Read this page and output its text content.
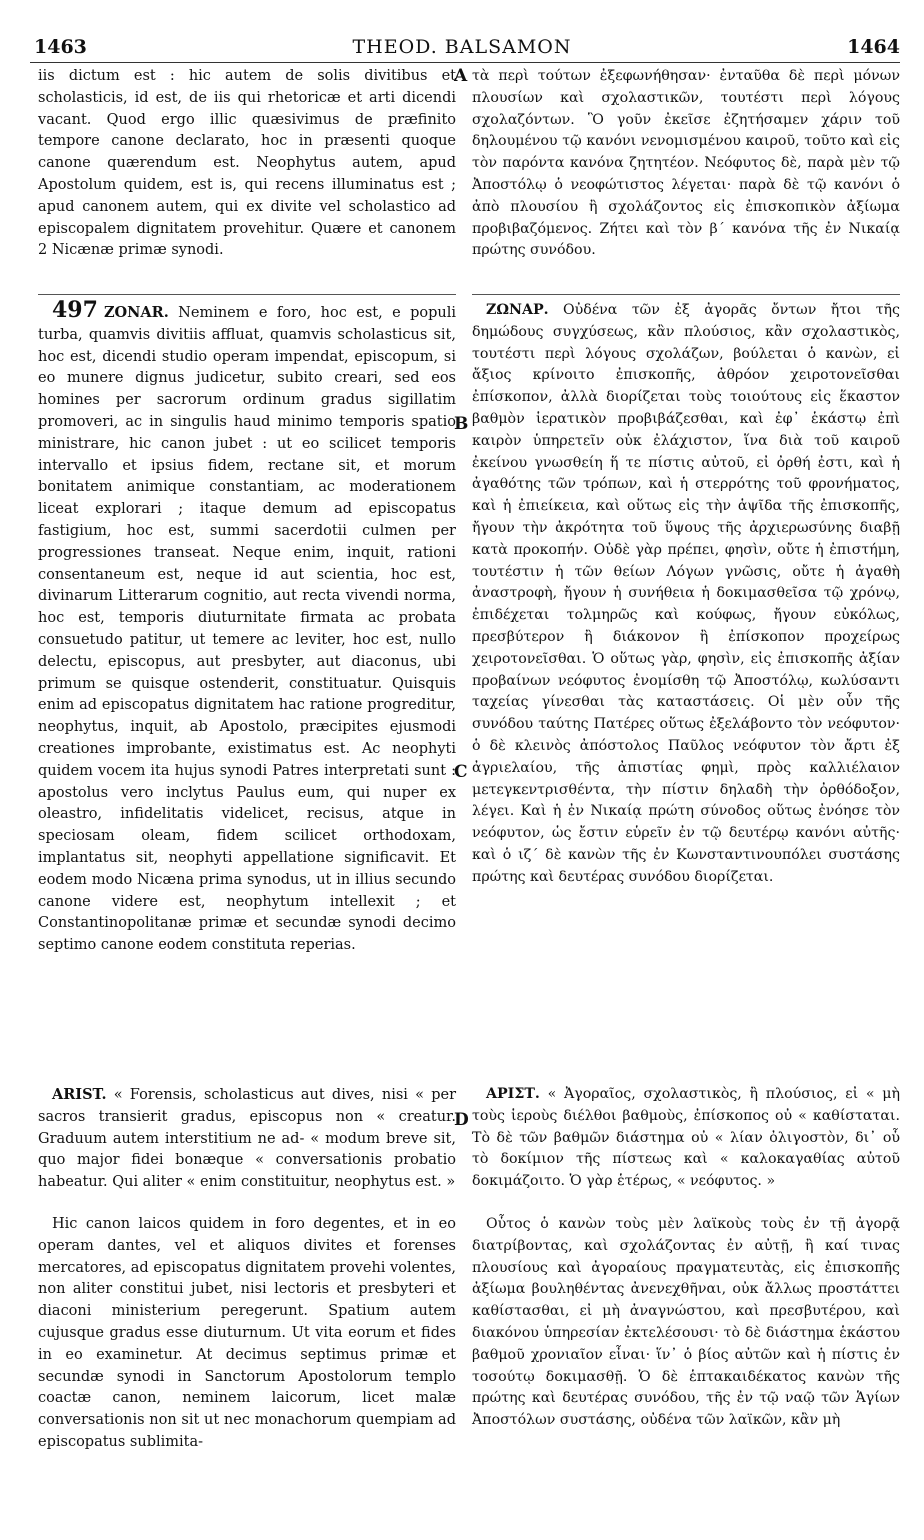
1463	THEOD. BALSAMON	1464
A
B
C
D

iis dictum est : hic autem de solis divitibus et scholasticis, id est, de iis qui rhetoricæ et arti dicendi vacant. Quod ergo illic quæsivimus de præfinito tempore canone declarato, hoc in præsenti quoque canone quærendum est. Neophytus autem, apud Apostolum quidem, est is, qui recens illuminatus est ; apud canonem autem, qui ex divite vel scholastico ad episcopalem dignitatem provehitur. Quære et canonem 2 Nicænæ primæ synodi.

497 ZONAR. Neminem e foro, hoc est, e populi turba, quamvis divitiis affluat, quamvis scholasticus sit, hoc est, dicendi studio operam impendat, episcopum, si eo munere dignus judicetur, subito creari, sed eos homines per sacrorum ordinum gradus sigillatim promoveri, ac in singulis haud minimo temporis spatio ministrare, hic canon jubet : ut eo scilicet temporis intervallo et ipsius fidem, rectane sit, et morum bonitatem animique constantiam, ac moderationem liceat explorari ; itaque demum ad episcopatus fastigium, hoc est, summi sacerdotii culmen per progressiones transeat. Neque enim, inquit, rationi consentaneum est, neque id aut scientia, hoc est, divinarum Litterarum cognitio, aut recta vivendi norma, hoc est, temporis diuturnitate firmata ac probata consuetudo patitur, ut temere ac leviter, hoc est, nullo delectu, episcopus, aut presbyter, aut diaconus, ubi primum se quisque ostenderit, constituatur. Quisquis enim ad episcopatus dignitatem hac ratione progreditur, neophytus, inquit, ab Apostolo, præcipites ejusmodi creationes improbante, existimatus est. Ac neophyti quidem vocem ita hujus synodi Patres interpretati sunt : apostolus vero inclytus Paulus eum, qui nuper ex oleastro, infidelitatis videlicet, recisus, atque in speciosam oleam, fidem scilicet orthodoxam, implantatus sit, neophyti appellatione significavit. Et eodem modo Nicæna prima synodus, ut in illius secundo canone videre est, neophytum intellexit ; et Constantinopolitanæ primæ et secundæ synodi decimo septimo canone eodem constituta reperias.

ARIST. « Forensis, scholasticus aut dives, nisi « per sacros transierit gradus, episcopus non « creatur. Graduum autem interstitium ne ad- « modum breve sit, quo major fidei bonæque « conversationis probatio habeatur. Qui aliter « enim constituitur, neophytus est. »

Hic canon laicos quidem in foro degentes, et in eo operam dantes, vel et aliquos divites et forenses mercatores, ad episcopatus dignitatem provehi volentes, non aliter constitui jubet, nisi lectoris et presbyteri et diaconi ministerium peregerunt. Spatium autem cujusque gradus esse diuturnum. Ut vita eorum et fides in eo examinetur. At decimus septimus primæ et secundæ synodi in Sanctorum Apostolorum templo coactæ canon, neminem laicorum, licet malæ conversationis non sit ut nec monachorum quempiam ad episcopatus sublimita-

τὰ περὶ τούτων ἐξεφωνήθησαν· ἐνταῦθα δὲ περὶ μόνων πλουσίων καὶ σχολαστικῶν, τουτέστι περὶ λόγους σχολαζόντων. Ὃ γοῦν ἐκεῖσε ἐζητήσαμεν χάριν τοῦ δηλουμένου τῷ κανόνι νενομισμένου καιροῦ, τοῦτο καὶ εἰς τὸν παρόντα κανόνα ζητητέον. Νεόφυτος δὲ, παρὰ μὲν τῷ Ἀποστόλῳ ὁ νεοφώτιστος λέγεται· παρὰ δὲ τῷ κανόνι ὁ ἀπὸ πλουσίου ἢ σχολάζοντος εἰς ἐπισκοπικὸν ἀξίωμα προβιβαζόμενος. Ζήτει καὶ τὸν β΄ κανόνα τῆς ἐν Νικαίᾳ πρώτης συνόδου.

ΖΩΝΑΡ. Οὐδένα τῶν ἐξ ἀγορᾶς ὄντων ἤτοι τῆς δημώδους συγχύσεως, κἂν πλούσιος, κἂν σχολαστικὸς, τουτέστι περὶ λόγους σχολάζων, βούλεται ὁ κανὼν, εἰ ἄξιος κρίνοιτο ἐπισκοπῆς, ἀθρόον χειροτονεῖσθαι ἐπίσκοπον, ἀλλὰ διορίζεται τοὺς τοιούτους εἰς ἕκαστον βαθμὸν ἱερατικὸν προβιβάζεσθαι, καὶ ἐφ᾿ ἑκάστῳ ἐπὶ καιρὸν ὑπηρετεῖν οὐκ ἐλάχιστον, ἵνα διὰ τοῦ καιροῦ ἐκείνου γνωσθείη ἥ τε πίστις αὐτοῦ, εἰ ὀρθή ἐστι, καὶ ἡ ἀγαθότης τῶν τρόπων, καὶ ἡ στερρότης τοῦ φρονήματος, καὶ ἡ ἐπιείκεια, καὶ οὕτως εἰς τὴν ἁψῖδα τῆς ἐπισκοπῆς, ἤγουν τὴν ἀκρότητα τοῦ ὕψους τῆς ἀρχιερωσύνης διαβῇ κατὰ προκοπήν. Οὐδὲ γὰρ πρέπει, φησὶν, οὔτε ἡ ἐπιστήμη, τουτέστιν ἡ τῶν θείων Λόγων γνῶσις, οὔτε ἡ ἀγαθὴ ἀναστροφὴ, ἤγουν ἡ συνήθεια ἡ δοκιμασθεῖσα τῷ χρόνῳ, ἐπιδέχεται τολμηρῶς καὶ κούφως, ἤγουν εὐκόλως, πρεσβύτερον ἢ διάκονον ἢ ἐπίσκοπον προχείρως χειροτονεῖσθαι. Ὁ οὕτως γὰρ, φησὶν, εἰς ἐπισκοπῆς ἀξίαν προβαίνων νεόφυτος ἐνομίσθη τῷ Ἀποστόλῳ, κωλύσαντι ταχείας γίνεσθαι τὰς καταστάσεις. Οἱ μὲν οὖν τῆς συνόδου ταύτης Πατέρες οὕτως ἐξελάβοντο τὸν νεόφυτον· ὁ δὲ κλεινὸς ἀπόστολος Παῦλος νεόφυτον τὸν ἄρτι ἐξ ἀγριελαίου, τῆς ἀπιστίας φημὶ, πρὸς καλλιέλαιον μετεγκεντρισθέντα, τὴν πίστιν δηλαδὴ τὴν ὀρθόδοξον, λέγει. Καὶ ἡ ἐν Νικαίᾳ πρώτη σύνοδος οὕτως ἐνόησε τὸν νεόφυτον, ὡς ἔστιν εὑρεῖν ἐν τῷ δευτέρῳ κανόνι αὐτῆς· καὶ ὁ ιζ΄ δὲ κανὼν τῆς ἐν Κωνσταντινουπόλει συστάσης πρώτης καὶ δευτέρας συνόδου διορίζεται.

ΑΡΙΣΤ. « Ἀγοραῖος, σχολαστικὸς, ἢ πλούσιος, εἰ « μὴ τοὺς ἱεροὺς διέλθοι βαθμοὺς, ἐπίσκοπος οὐ « καθίσταται. Τὸ δὲ τῶν βαθμῶν διάστημα οὐ « λίαν ὀλιγοστὸν, δι᾿ οὗ τὸ δοκίμιον τῆς πίστεως καὶ « καλοκαγαθίας αὐτοῦ δοκιμάζοιτο. Ὁ γὰρ ἑτέρως, « νεόφυτος. »

Οὗτος ὁ κανὼν τοὺς μὲν λαϊκοὺς τοὺς ἐν τῇ ἀγορᾷ διατρίβοντας, καὶ σχολάζοντας ἐν αὐτῇ, ἢ καί τινας πλουσίους καὶ ἀγοραίους πραγματευτὰς, εἰς ἐπισκοπῆς ἀξίωμα βουληθέντας ἀνενεχθῆναι, οὐκ ἄλλως προστάττει καθίστασθαι, εἰ μὴ ἀναγνώστου, καὶ πρεσβυτέρου, καὶ διακόνου ὑπηρεσίαν ἐκτελέσουσι· τὸ δὲ διάστημα ἑκάστου βαθμοῦ χρονιαῖον εἶναι· ἵν᾿ ὁ βίος αὐτῶν καὶ ἡ πίστις ἐν τοσούτῳ δοκιμασθῇ. Ὁ δὲ ἑπτακαιδέκατος κανὼν τῆς πρώτης καὶ δευτέρας συνόδου, τῆς ἐν τῷ ναῷ τῶν Ἁγίων Ἀποστόλων συστάσης, οὐδένα τῶν λαϊκῶν, κἂν μὴ
